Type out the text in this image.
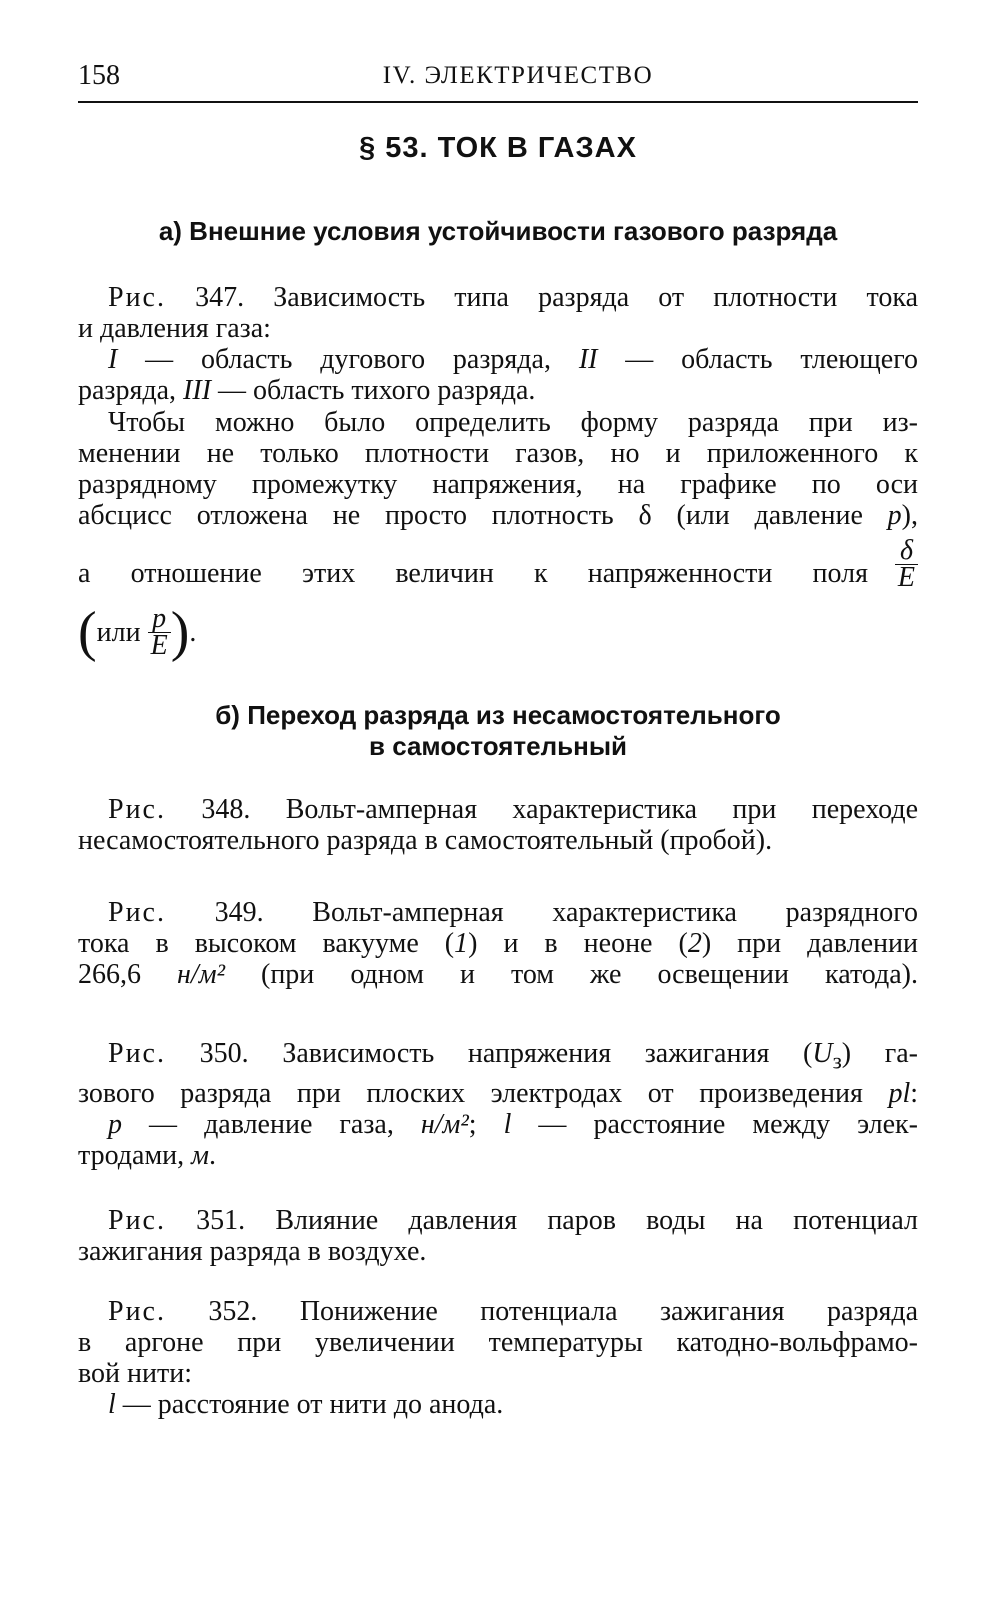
158	IV. ЭЛЕКТРИЧЕСТВО
§ 53. ТОК В ГАЗАХ
а) Внешние условия устойчивости газового разряда
Рис. 347. Зависимость типа разряда от плотности тока
и давления газа:
I — область дугового разряда, II — область тлеющего
разряда, III — область тихого разряда.
Чтобы можно было определить форму разряда при из-
менении не только плотности газов, но и приложенного к
разрядному промежутку напряжения, на графике по оси
абсцисс отложена не просто плотность δ (или давление p),
а отношение этих величин к напряженности поля $\frac{\delta}{E}$
($или \frac{p}{E}$ ).
б) Переход разряда из несамостоятельного
в самостоятельный
Рис. 348. Вольт-амперная характеристика при переходе
несамостоятельного разряда в самостоятельный (пробой).
Рис. 349. Вольт-амперная характеристика разрядного
тока в высоком вакууме (1) и в неоне (2) при давлении
266,6 н/м² (при одном и том же освещении катода).
Рис. 350. Зависимость напряжения зажигания $(U_з)$ га-
зового разряда при плоских электродах от произведения pl:
p — давление газа, н/м²; l — расстояние между элек-
тродами, м.
Рис. 351. Влияние давления паров воды на потенциал
зажигания разряда в воздухе.
Рис. 352. Понижение потенциала зажигания разряда
в аргоне при увеличении температуры катодно-вольфрамо-
вой нити:
l — расстояние от нити до анода.
